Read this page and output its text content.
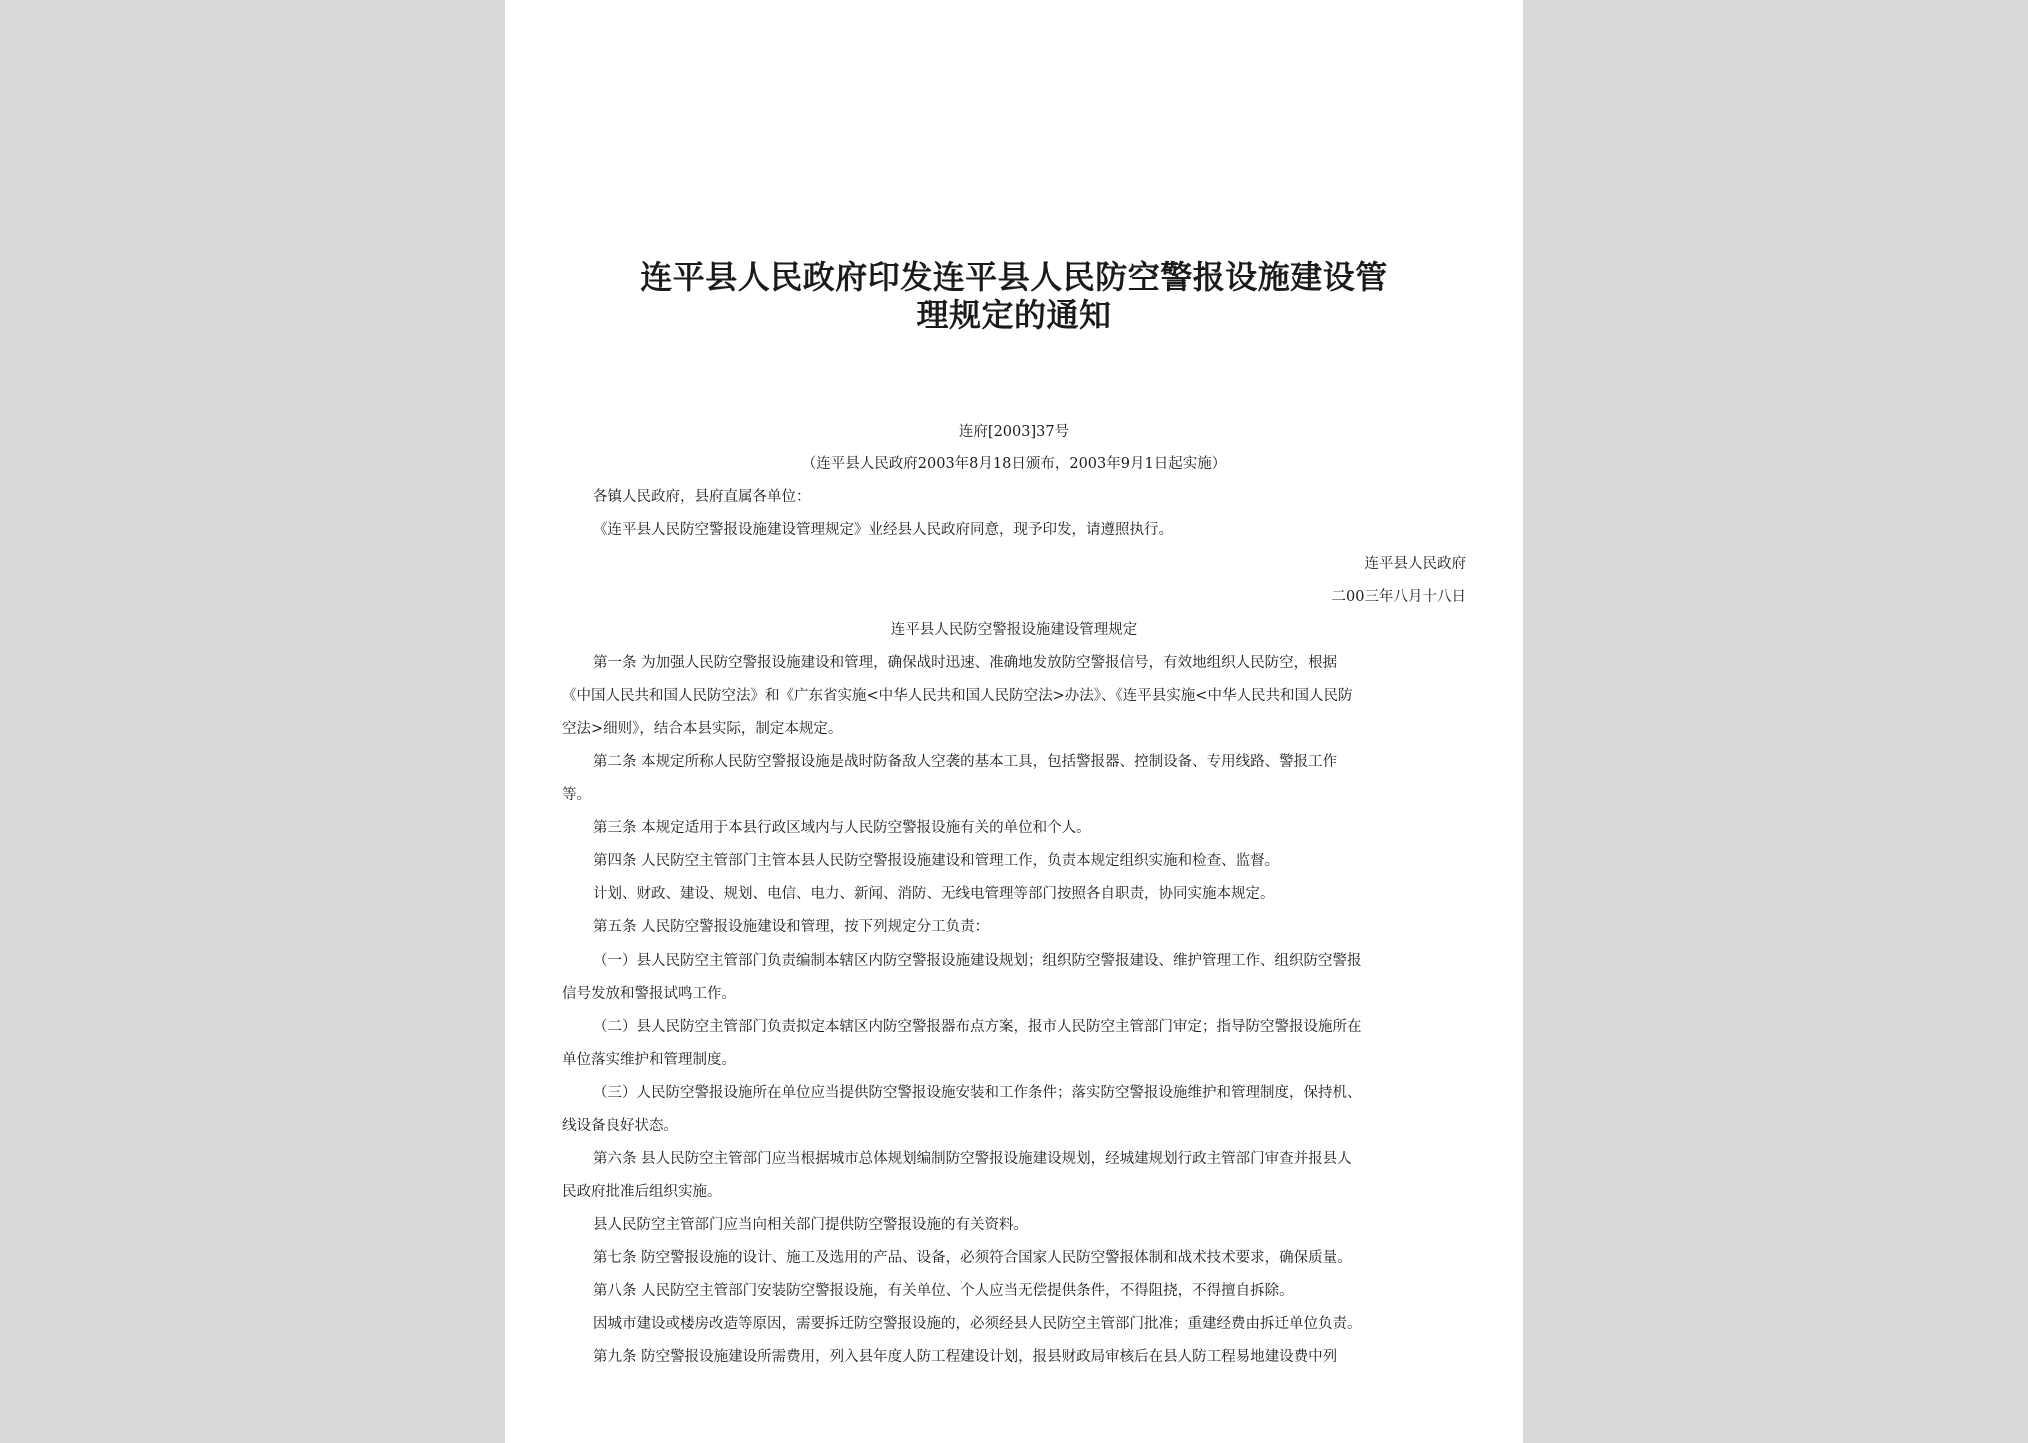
连平县人民政府印发连平县人民防空警报设施建设管
理规定的通知
连府[2003]37号
（连平县人民政府2003年8月18日颁布，2003年9月1日起实施）
各镇人民政府，县府直属各单位：
《连平县人民防空警报设施建设管理规定》业经县人民政府同意，现予印发，请遵照执行。
连平县人民政府
二00三年八月十八日
连平县人民防空警报设施建设管理规定
第一条 为加强人民防空警报设施建设和管理，确保战时迅速、准确地发放防空警报信号，有效地组织人民防空，根据
《中国人民共和国人民防空法》和《广东省实施<中华人民共和国人民防空法>办法》、《连平县实施<中华人民共和国人民防
空法>细则》，结合本县实际，制定本规定。
第二条 本规定所称人民防空警报设施是战时防备敌人空袭的基本工具，包括警报器、控制设备、专用线路、警报工作
等。
第三条 本规定适用于本县行政区域内与人民防空警报设施有关的单位和个人。
第四条 人民防空主管部门主管本县人民防空警报设施建设和管理工作，负责本规定组织实施和检查、监督。
计划、财政、建设、规划、电信、电力、新闻、消防、无线电管理等部门按照各自职责，协同实施本规定。
第五条 人民防空警报设施建设和管理，按下列规定分工负责：
（一）县人民防空主管部门负责编制本辖区内防空警报设施建设规划；组织防空警报建设、维护管理工作、组织防空警报
信号发放和警报试鸣工作。
（二）县人民防空主管部门负责拟定本辖区内防空警报器布点方案，报市人民防空主管部门审定；指导防空警报设施所在
单位落实维护和管理制度。
（三）人民防空警报设施所在单位应当提供防空警报设施安装和工作条件；落实防空警报设施维护和管理制度，保持机、
线设备良好状态。
第六条 县人民防空主管部门应当根据城市总体规划编制防空警报设施建设规划，经城建规划行政主管部门审查并报县人
民政府批准后组织实施。
县人民防空主管部门应当向相关部门提供防空警报设施的有关资料。
第七条 防空警报设施的设计、施工及选用的产品、设备，必须符合国家人民防空警报体制和战术技术要求，确保质量。
第八条 人民防空主管部门安装防空警报设施，有关单位、个人应当无偿提供条件，不得阻挠，不得擅自拆除。
因城市建设或楼房改造等原因，需要拆迁防空警报设施的，必须经县人民防空主管部门批准；重建经费由拆迁单位负责。
第九条 防空警报设施建设所需费用，列入县年度人防工程建设计划，报县财政局审核后在县人防工程易地建设费中列
